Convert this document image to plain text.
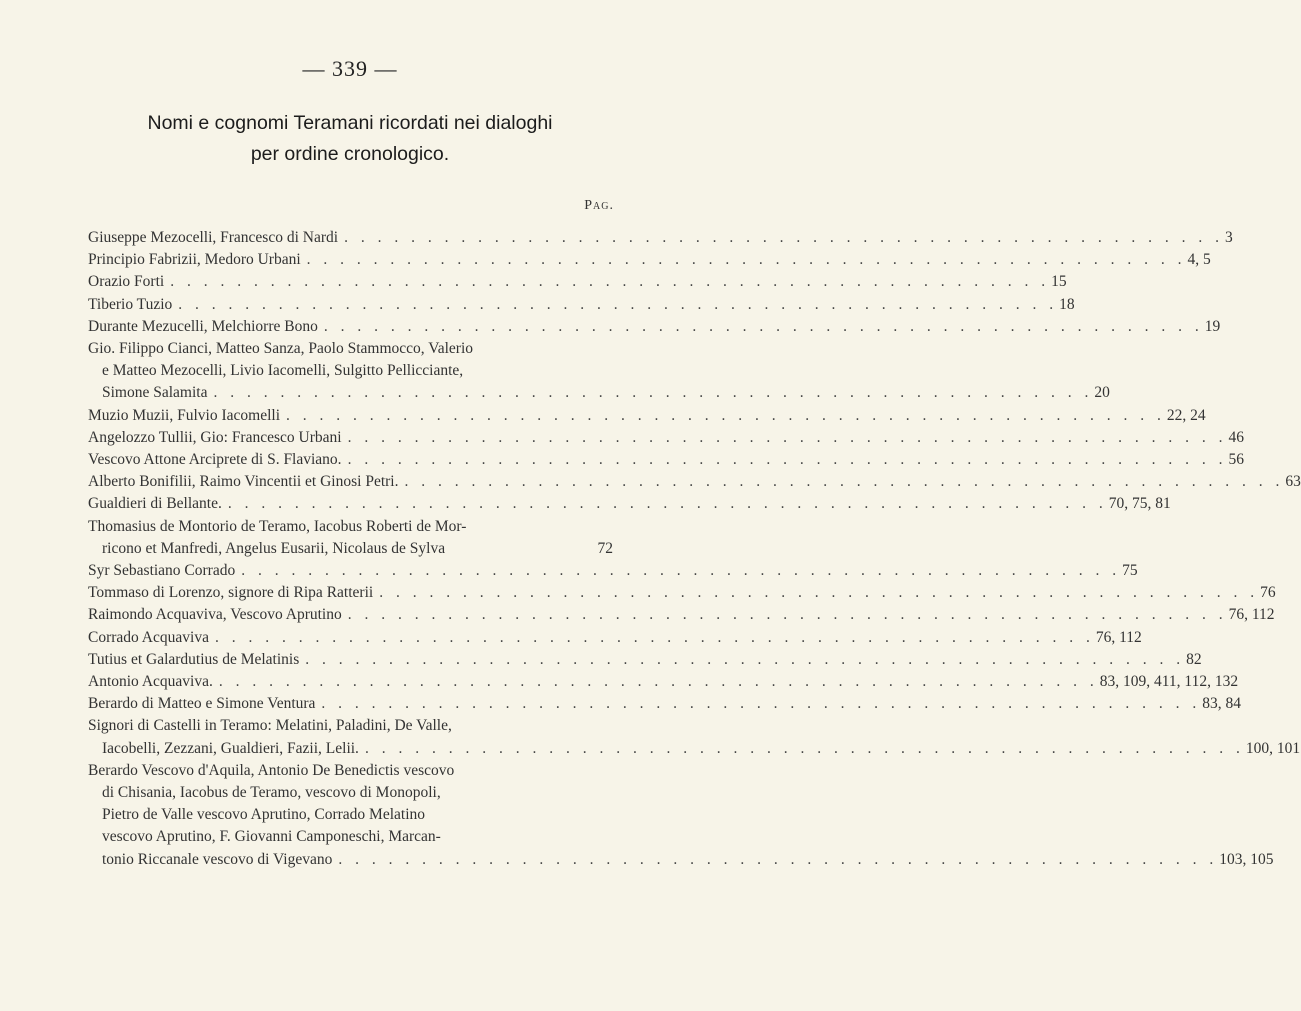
— 339 —
Nomi e cognomi Teramani ricordati nei dialoghi
per ordine cronologico.
Pag.
Giuseppe Mezocelli, Francesco di Nardi . . .	3
Principio Fabrizii, Medoro Urbani . . .	4, 5
Orazio Forti . . .	15
Tiberio Tuzio . . .	18
Durante Mezucelli, Melchiorre Bono . . .	19
Gio. Filippo Cianci, Matteo Sanza, Paolo Stammocco, Valerio
e Matteo Mezocelli, Livio Iacomelli, Sulgitto Pellicciante,
Simone Salamita . . .	20
Muzio Muzii, Fulvio Iacomelli . . .	22, 24
Angelozzo Tullii, Gio: Francesco Urbani . . .	46
Vescovo Attone Arciprete di S. Flaviano. . . .	56
Alberto Bonifilii, Raimo Vincentii et Ginosi Petri. . . .	63
Gualdieri di Bellante. . . .	70, 75, 81
Thomasius de Montorio de Teramo, Iacobus Roberti de Mor-
ricono et Manfredi, Angelus Eusarii, Nicolaus de Sylva	72
Syr Sebastiano Corrado . . .	75
Tommaso di Lorenzo, signore di Ripa Ratterii . . .	76
Raimondo Acquaviva, Vescovo Aprutino . . .	76, 112
Corrado Acquaviva . . .	76, 112
Tutius et Galardutius de Melatinis . . .	82
Antonio Acquaviva. . . .	83, 109, 411, 112, 132
Berardo di Matteo e Simone Ventura . . .	83, 84
Signori di Castelli in Teramo: Melatini, Paladini, De Valle,
Iacobelli, Zezzani, Gualdieri, Fazii, Lelii. . . .	100, 101
Berardo Vescovo d'Aquila, Antonio De Benedictis vescovo
di Chisania, Iacobus de Teramo, vescovo di Monopoli,
Pietro de Valle vescovo Aprutino, Corrado Melatino
vescovo Aprutino, F. Giovanni Camponeschi, Marcan-
tonio Riccanale vescovo di Vigevano . . .	103, 105
